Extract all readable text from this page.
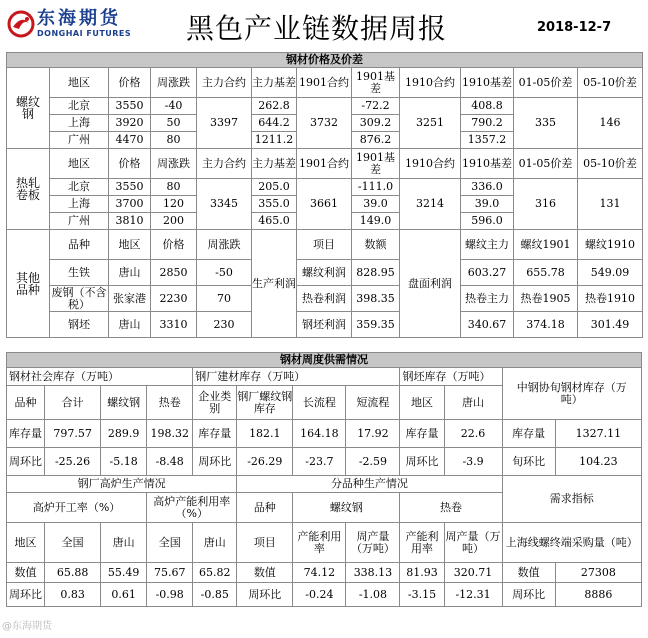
东海期货
DONGHAI FUTURES 黑色产业链数据周报	2018-12-7
钢材价格及价差											
螺纹钢	地区	价格	周涨跌	主力合约	主力基差	1901合约	1901基差	1910合约	1910基差	01-05价差	05-10价差
	北京	3550	-40	3397	262.8	3732	-72.2	3251	408.8	335	146
	上海	3920	50		644.2		309.2		790.2		
	广州	4470	80		1211.2		876.2		1357.2		
热轧卷板	地区	价格	周涨跌	主力合约	主力基差	1901合约	1901基差	1910合约	1910基差	01-05价差	05-10价差
	北京	3550	80	3345	205.0	3661	-111.0	3214	336.0	316	131
	上海	3700	120		355.0		39.0		39.0		
	广州	3810	200		465.0		149.0		596.0		
其他品种	品种	地区	价格	周涨跌	生产利润	项目	数额	盘面利润	螺纹主力	螺纹1901	螺纹1910
	生铁	唐山	2850	-50		螺纹利润	828.95		603.27	655.78	549.09
	废钢（不含税）	张家港	2230	70		热卷利润	398.35		热卷主力	热卷1905	热卷1910
	钢坯	唐山	3310	230		钢坯利润	359.35		340.67	374.18	301.49
钢材周度供需情况											
钢材社会库存（万吨）				钢厂建材库存（万吨）				钢坯库存（万吨）		中钢协旬钢材库存（万吨）	
品种	合计	螺纹钢	热卷	企业类别	钢厂螺纹钢库存	长流程	短流程	地区	唐山		
库存量	797.57	289.9	198.32	库存量	182.1	164.18	17.92	库存量	22.6	库存量	1327.11
周环比	-25.26	-5.18	-8.48	周环比	-26.29	-23.7	-2.59	周环比	-3.9	旬环比	104.23
钢厂高炉生产情况					分品种生产情况					需求指标	
高炉开工率（%）			高炉产能利用率（%）		品种	螺纹钢		热卷			
地区	全国	唐山	全国	唐山	项目	产能利用率	周产量（万吨）	产能利用率	周产量（万吨）	上海线螺终端采购量（吨）	
数值	65.88	55.49	75.67	65.82	数值	74.12	338.13	81.93	320.71	数值	27308
周环比	0.83	0.61	-0.98	-0.85	周环比	-0.24	-1.08	-3.15	-12.31	周环比	8886
@东海期货
